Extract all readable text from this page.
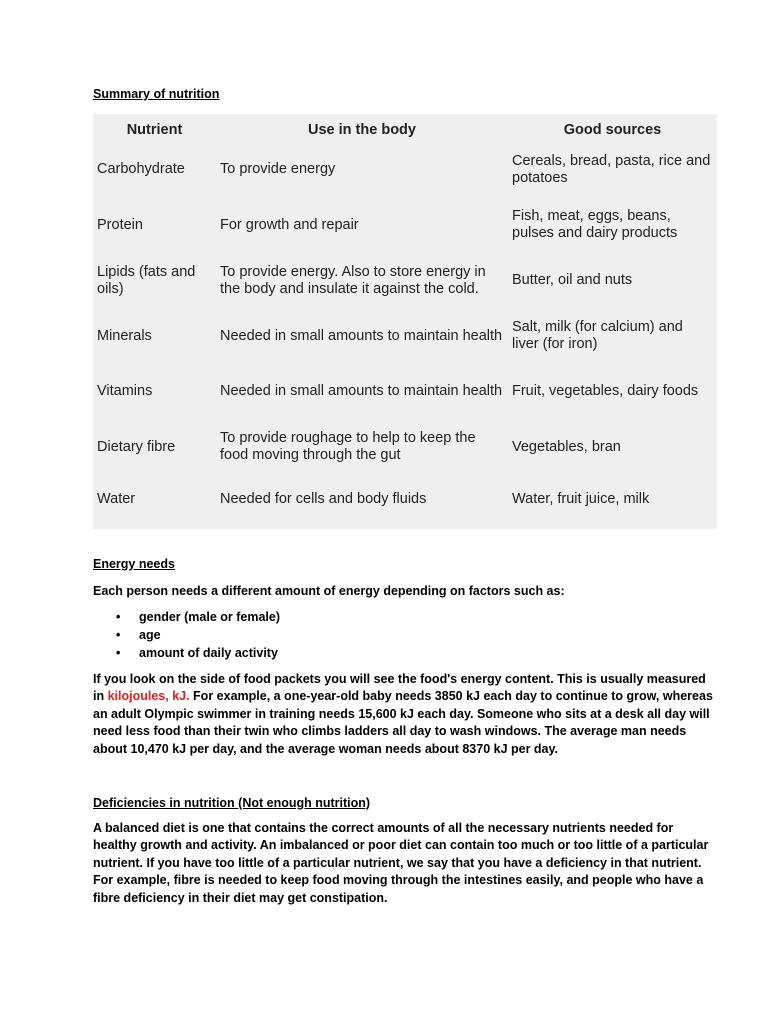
Summary of nutrition

Nutrient	Use in the body	Good sources
Carbohydrate	To provide energy	Cereals, bread, pasta, rice and potatoes
Protein	For growth and repair	Fish, meat, eggs, beans, pulses and dairy products
Lipids (fats and oils)	To provide energy. Also to store energy in the body and insulate it against the cold.	Butter, oil and nuts
Minerals	Needed in small amounts to maintain health	Salt, milk (for calcium) and liver (for iron)
Vitamins	Needed in small amounts to maintain health	Fruit, vegetables, dairy foods
Dietary fibre	To provide roughage to help to keep the food moving through the gut	Vegetables, bran
Water	Needed for cells and body fluids	Water, fruit juice, milk

Energy needs

Each person needs a different amount of energy depending on factors such as:

• gender (male or female)
• age
• amount of daily activity

If you look on the side of food packets you will see the food's energy content. This is usually measured in kilojoules, kJ. For example, a one-year-old baby needs 3850 kJ each day to continue to grow, whereas an adult Olympic swimmer in training needs 15,600 kJ each day. Someone who sits at a desk all day will need less food than their twin who climbs ladders all day to wash windows. The average man needs about 10,470 kJ per day, and the average woman needs about 8370 kJ per day.

Deficiencies in nutrition (Not enough nutrition)

A balanced diet is one that contains the correct amounts of all the necessary nutrients needed for healthy growth and activity. An imbalanced or poor diet can contain too much or too little of a particular nutrient. If you have too little of a particular nutrient, we say that you have a deficiency in that nutrient. For example, fibre is needed to keep food moving through the intestines easily, and people who have a fibre deficiency in their diet may get constipation.
